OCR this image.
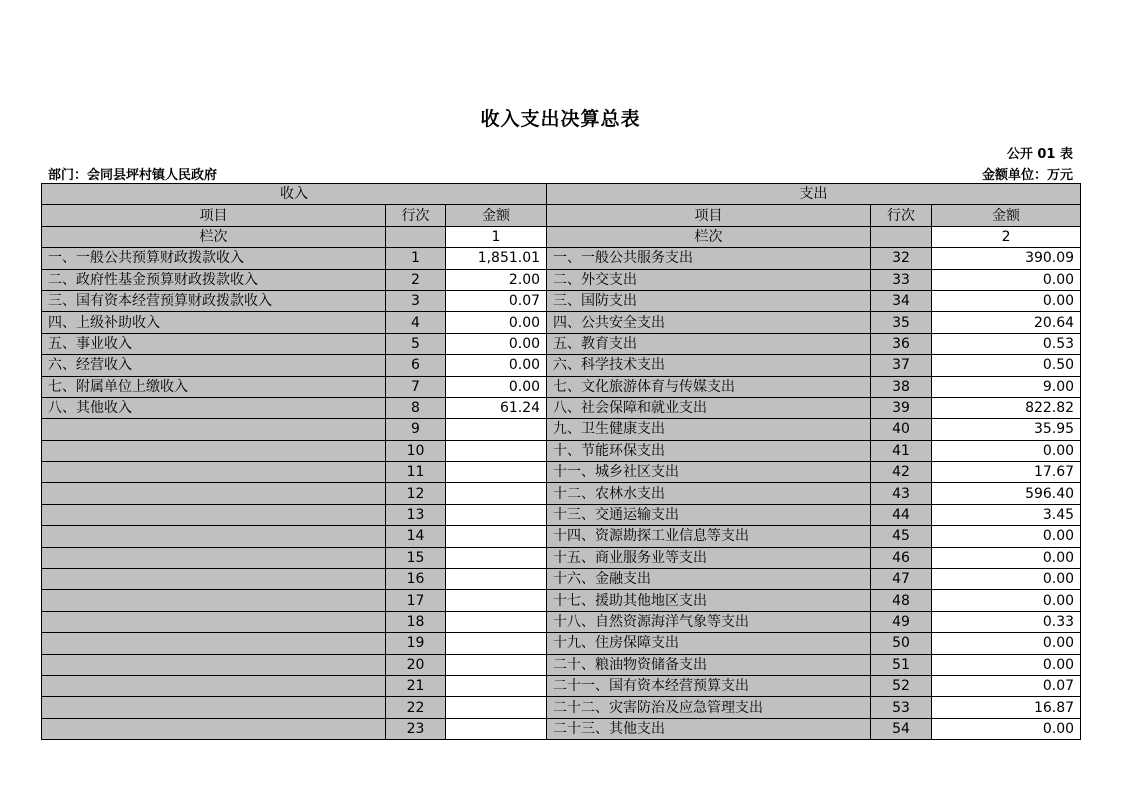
收入支出决算总表
公开 01 表
部门：会同县坪村镇人民政府	金额单位：万元
收入			支出		
项目	行次	金额	项目	行次	金额
栏次		1	栏次		2
一、一般公共预算财政拨款收入	1	1,851.01	一、一般公共服务支出	32	390.09
二、政府性基金预算财政拨款收入	2	2.00	二、外交支出	33	0.00
三、国有资本经营预算财政拨款收入	3	0.07	三、国防支出	34	0.00
四、上级补助收入	4	0.00	四、公共安全支出	35	20.64
五、事业收入	5	0.00	五、教育支出	36	0.53
六、经营收入	6	0.00	六、科学技术支出	37	0.50
七、附属单位上缴收入	7	0.00	七、文化旅游体育与传媒支出	38	9.00
八、其他收入	8	61.24	八、社会保障和就业支出	39	822.82
	9		九、卫生健康支出	40	35.95
	10		十、节能环保支出	41	0.00
	11		十一、城乡社区支出	42	17.67
	12		十二、农林水支出	43	596.40
	13		十三、交通运输支出	44	3.45
	14		十四、资源勘探工业信息等支出	45	0.00
	15		十五、商业服务业等支出	46	0.00
	16		十六、金融支出	47	0.00
	17		十七、援助其他地区支出	48	0.00
	18		十八、自然资源海洋气象等支出	49	0.33
	19		十九、住房保障支出	50	0.00
	20		二十、粮油物资储备支出	51	0.00
	21		二十一、国有资本经营预算支出	52	0.07
	22		二十二、灾害防治及应急管理支出	53	16.87
	23		二十三、其他支出	54	0.00
